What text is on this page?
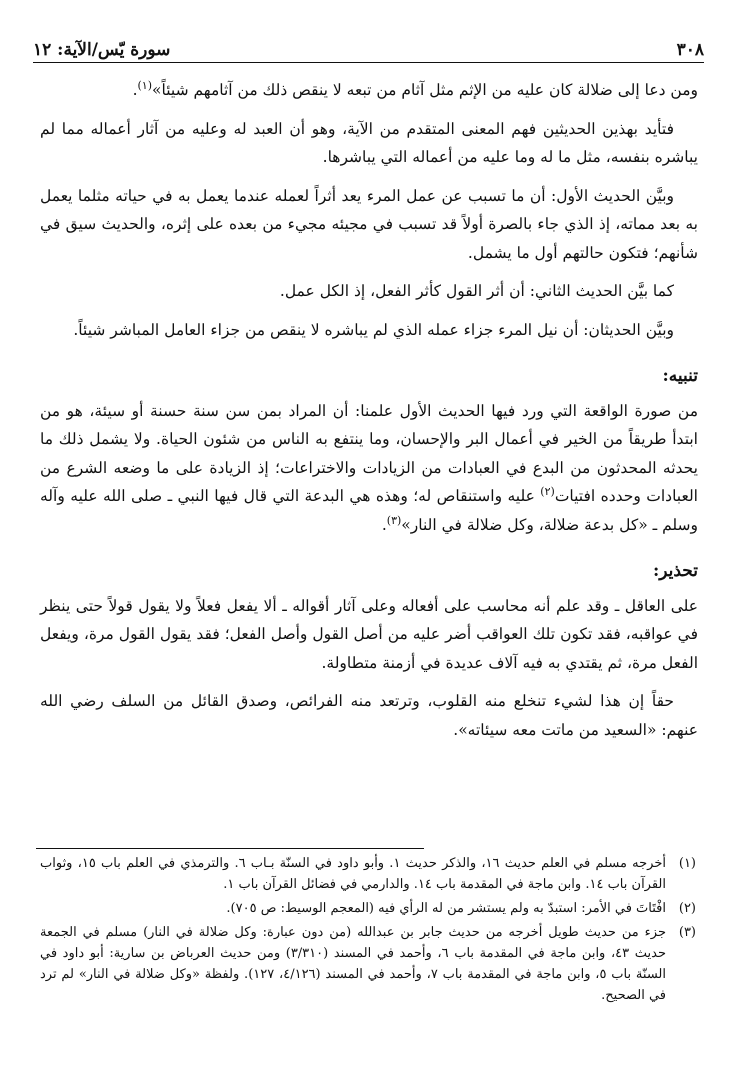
٣٠٨
سورة يّس/الآية: ١٢

ومن دعا إلى ضلالة كان عليه من الإثم مثل آثام من تبعه لا ينقص ذلك من آثامهم شيئاً»$^{(١)}$.

فتأيد بهذين الحديثين فهم المعنى المتقدم من الآية، وهو أن العبد له وعليه من آثار أعماله مما لم يباشره بنفسه، مثل ما له وما عليه من أعماله التي يباشرها.

وبيَّن الحديث الأول: أن ما تسبب عن عمل المرء يعد أثراً لعمله عندما يعمل به في حياته مثلما يعمل به بعد مماته، إذ الذي جاء بالصرة أولاً قد تسبب في مجيئه مجيء من بعده على إثره، والحديث سيق في شأنهم؛ فتكون حالتهم أول ما يشمل.

كما بيَّن الحديث الثاني: أن أثر القول كأثر الفعل، إذ الكل عمل.

وبيَّن الحديثان: أن نيل المرء جزاء عمله الذي لم يباشره لا ينقص من جزاء العامل المباشر شيئاً.

تنبيه:

من صورة الواقعة التي ورد فيها الحديث الأول علمنا: أن المراد بمن سن سنة حسنة أو سيئة، هو من ابتدأ طريقاً من الخير في أعمال البر والإحسان، وما ينتفع به الناس من شئون الحياة. ولا يشمل ذلك ما يحدثه المحدثون من البدع في العبادات من الزيادات والاختراعات؛ إذ الزيادة على ما وضعه الشرع من العبادات وحدده افتيات$^{(٢)}$ عليه واستنقاص له؛ وهذه هي البدعة التي قال فيها النبي ـ صلى الله عليه وآله وسلم ـ «كل بدعة ضلالة، وكل ضلالة في النار»$^{(٣)}$.

تحذير:

على العاقل ـ وقد علم أنه محاسب على أفعاله وعلى آثار أقواله ـ ألا يفعل فعلاً ولا يقول قولاً حتى ينظر في عواقبه، فقد تكون تلك العواقب أضر عليه من أصل القول وأصل الفعل؛ فقد يقول القول مرة، ويفعل الفعل مرة، ثم يقتدي به فيه آلاف عديدة في أزمنة متطاولة.

حقاً إن هذا لشيء تنخلع منه القلوب، وترتعد منه الفرائص، وصدق القائل من السلف رضي الله عنهم: «السعيد من ماتت معه سيئاته».

(١)
أخرجه مسلم في العلم حديث ١٦، والذكر حديث ١. وأبو داود في السنّة بـاب ٦. والترمذي في العلم باب ١٥، وثواب القرآن باب ١٤. وابن ماجة في المقدمة باب ١٤. والدارمي في فضائل القرآن باب ١.
(٢)
افْتَاتَ في الأمر: استبدّ به ولم يستشر من له الرأي فيه (المعجم الوسيط: ص ٧٠٥).
(٣)
جزء من حديث طويل أخرجه من حديث جابر بن عبدالله (من دون عبارة: وكل ضلالة في النار) مسلم في الجمعة حديث ٤٣، وابن ماجة في المقدمة باب ٦، وأحمد في المسند (٣/٣١٠) ومن حديث العرباض بن سارية: أبو داود في السنّة باب ٥، وابن ماجة في المقدمة باب ٧، وأحمد في المسند (٤/١٢٦، ١٢٧). ولفظة «وكل ضلالة في النار» لم ترد في الصحيح.
